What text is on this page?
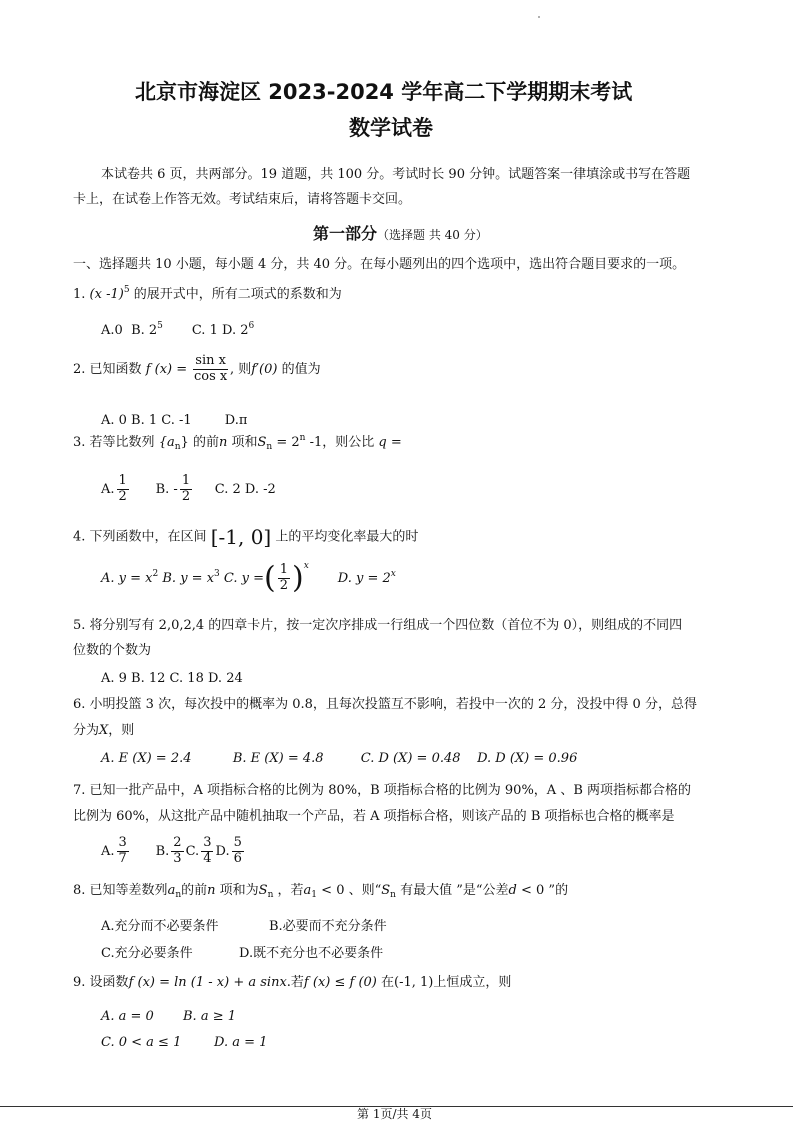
北京市海淀区 2023-2024 学年高二下学期期末考试
数学试卷
本试卷共 6 页，共两部分。19 道题，共 100 分。考试时长 90 分钟。试题答案一律填涂或书写在答题
卡上，在试卷上作答无效。考试结束后，请将答题卡交回。
第一部分（选择题 共 40 分）
一、选择题共 10 小题，每小题 4 分，共 40 分。在每小题列出的四个选项中，选出符合题目要求的一项。
1. (x -1)$^5$ 的展开式中，所有二项式的系数和为
A.0 B. $2^5$ C. 1 D. $2^6$
2. 已知函数 f $(x) = \frac{\text{sin x}}{\text{cos x}}$ , 则f′(0) 的值为
A. 0 B. 1 C. -1	D.π
3. 若等比数列 $\{a_n\}$ 的前n 项和$S_n = 2^n$ -1，则公比 q =
A. $\frac{1}{2} B$. - $\frac{1}{2} C$. 2 D. -2
4. 下列函数中，在区间 [-1, 0] 上的平均变化率最大的时
A. $y = x^2$ B. $y = x^3$ C. y =( $\frac{1}{2} )^x$       D. $y = 2^x$
5. 将分别写有 2,0,2,4 的四章卡片，按一定次序排成一行组成一个四位数（首位不为 0），则组成的不同四
位数的个数为
A. 9 B. 12 C. 18 D. 24
6. 小明投篮 3 次，每次投中的概率为 0.8，且每次投篮互不影响，若投中一次的 2 分，没投中得 0 分，总得
分为X，则
A. E (X) = 2.4	B. E (X) = 4.8	C. D (X) = 0.48 D. D (X) = 0.96
7. 已知一批产品中，A 项指标合格的比例为 80%，B 项指标合格的比例为 90%，A 、B 两项指标都合格的
比例为 60%，从这批产品中随机抽取一个产品，若 A 项指标合格，则该产品的 B 项指标也合格的概率是
A. $\frac{3}{7} B$. $\frac{2}{3} C$. $\frac{3}{4} D$. $\frac{5}{6}$
8. 已知等差数列$a_n$的前n 项和为$S_n$ ，若$a_1 < 0$ 、则“$S_n$ 有最大值 ”是“公差d < 0 ”的
A.充分而不必要条件	B.必要而不充分条件
C.充分必要条件	D.既不充分也不必要条件
9. 设函数f (x) = ln (1 - x) + a sinx.若f (x) ≤ f (0) 在(-1, 1)上恒成立，则
A. a = 0 B. a ≥ 1
C. 0 < a ≤ 1	D. a = 1
第 1页/共 4页
